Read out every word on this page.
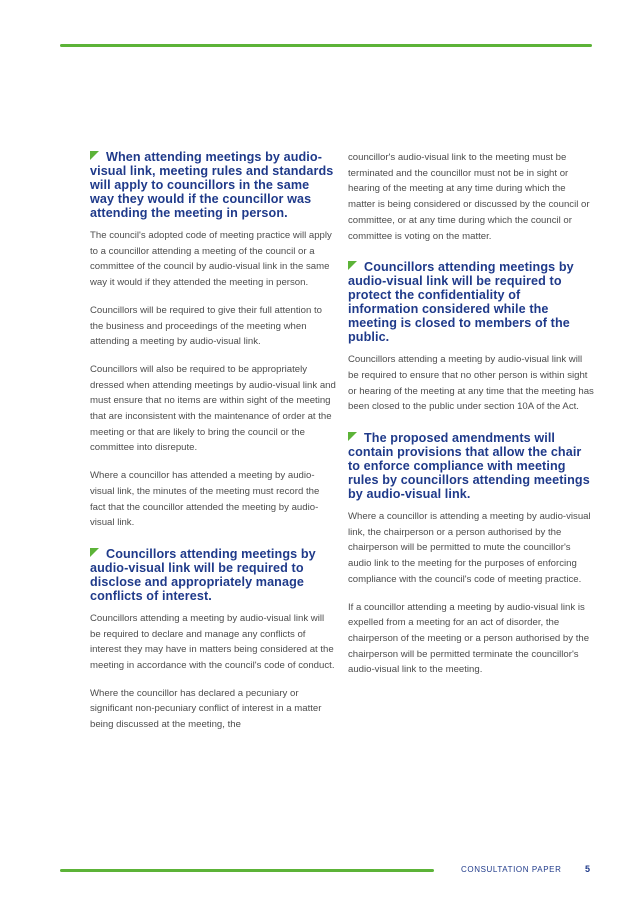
When attending meetings by audio-visual link, meeting rules and standards will apply to councillors in the same way they would if the councillor was attending the meeting in person.

The council's adopted code of meeting practice will apply to a councillor attending a meeting of the council or a committee of the council by audio-visual link in the same way it would if they attended the meeting in person.

Councillors will be required to give their full attention to the business and proceedings of the meeting when attending a meeting by audio-visual link.

Councillors will also be required to be appropriately dressed when attending meetings by audio-visual link and must ensure that no items are within sight of the meeting that are inconsistent with the maintenance of order at the meeting or that are likely to bring the council or the committee into disrepute.

Where a councillor has attended a meeting by audio-visual link, the minutes of the meeting must record the fact that the councillor attended the meeting by audio-visual link.

Councillors attending meetings by audio-visual link will be required to disclose and appropriately manage conflicts of interest.

Councillors attending a meeting by audio-visual link will be required to declare and manage any conflicts of interest they may have in matters being considered at the meeting in accordance with the council's code of conduct.

Where the councillor has declared a pecuniary or significant non-pecuniary conflict of interest in a matter being discussed at the meeting, the

councillor's audio-visual link to the meeting must be terminated and the councillor must not be in sight or hearing of the meeting at any time during which the matter is being considered or discussed by the council or committee, or at any time during which the council or committee is voting on the matter.

Councillors attending meetings by audio-visual link will be required to protect the confidentiality of information considered while the meeting is closed to members of the public.

Councillors attending a meeting by audio-visual link will be required to ensure that no other person is within sight or hearing of the meeting at any time that the meeting has been closed to the public under section 10A of the Act.

The proposed amendments will contain provisions that allow the chair to enforce compliance with meeting rules by councillors attending meetings by audio-visual link.

Where a councillor is attending a meeting by audio-visual link, the chairperson or a person authorised by the chairperson will be permitted to mute the councillor's audio link to the meeting for the purposes of enforcing compliance with the council's code of meeting practice.

If a councillor attending a meeting by audio-visual link is expelled from a meeting for an act of disorder, the chairperson of the meeting or a person authorised by the chairperson will be permitted terminate the councillor's audio-visual link to the meeting.

CONSULTATION PAPER	5
